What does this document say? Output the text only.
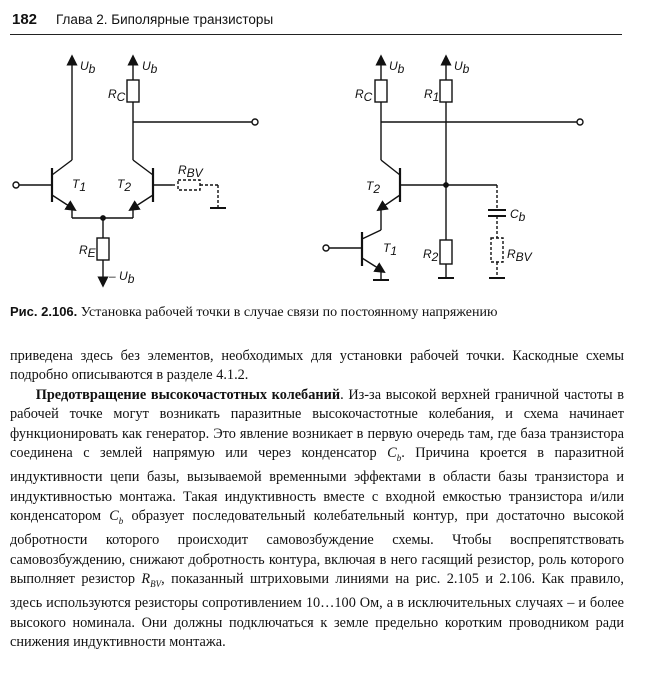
182 Глава 2. Биполярные транзисторы
Ub	Ub
RC
T1	T2
RBV
RE
– Ub
Ub	Ub
RC	R1
T2
Cb
T1 R2	RBV
Рис. 2.106. Установка рабочей точки в случае связи по постоянному напряжению

приведена здесь без элементов, необходимых для установки рабочей точки. Каскодные схемы подробно описываются в разделе 4.1.2.

Предотвращение высокочастотных колебаний. Из-за высокой верхней граничной частоты в рабочей точке могут возникать паразитные высокочастотные колебания, и схема начинает функционировать как генератор. Это явление возникает в первую очередь там, где база транзистора соединена с землей напрямую или через конденсатор $C_b$. Причина кроется в паразитной индуктивности цепи базы, вызываемой временными эффектами в области базы транзистора и индуктивностью монтажа. Такая индуктивность вместе с входной емкостью транзистора и/или конденсатором $C_b$ образует последовательный колебательный контур, при достаточно высокой добротности которого происходит самовозбуждение схемы. Чтобы воспрепятствовать самовозбуждению, снижают добротность контура, включая в него гасящий резистор, роль которого выполняет резистор $R_{BV}$, показанный штриховыми линиями на рис. 2.105 и 2.106. Как правило, здесь используются резисторы сопротивлением 10…100 Ом, а в исключительных случаях – и более высокого номинала. Они должны подключаться к земле предельно коротким проводником ради снижения индуктивности монтажа.
